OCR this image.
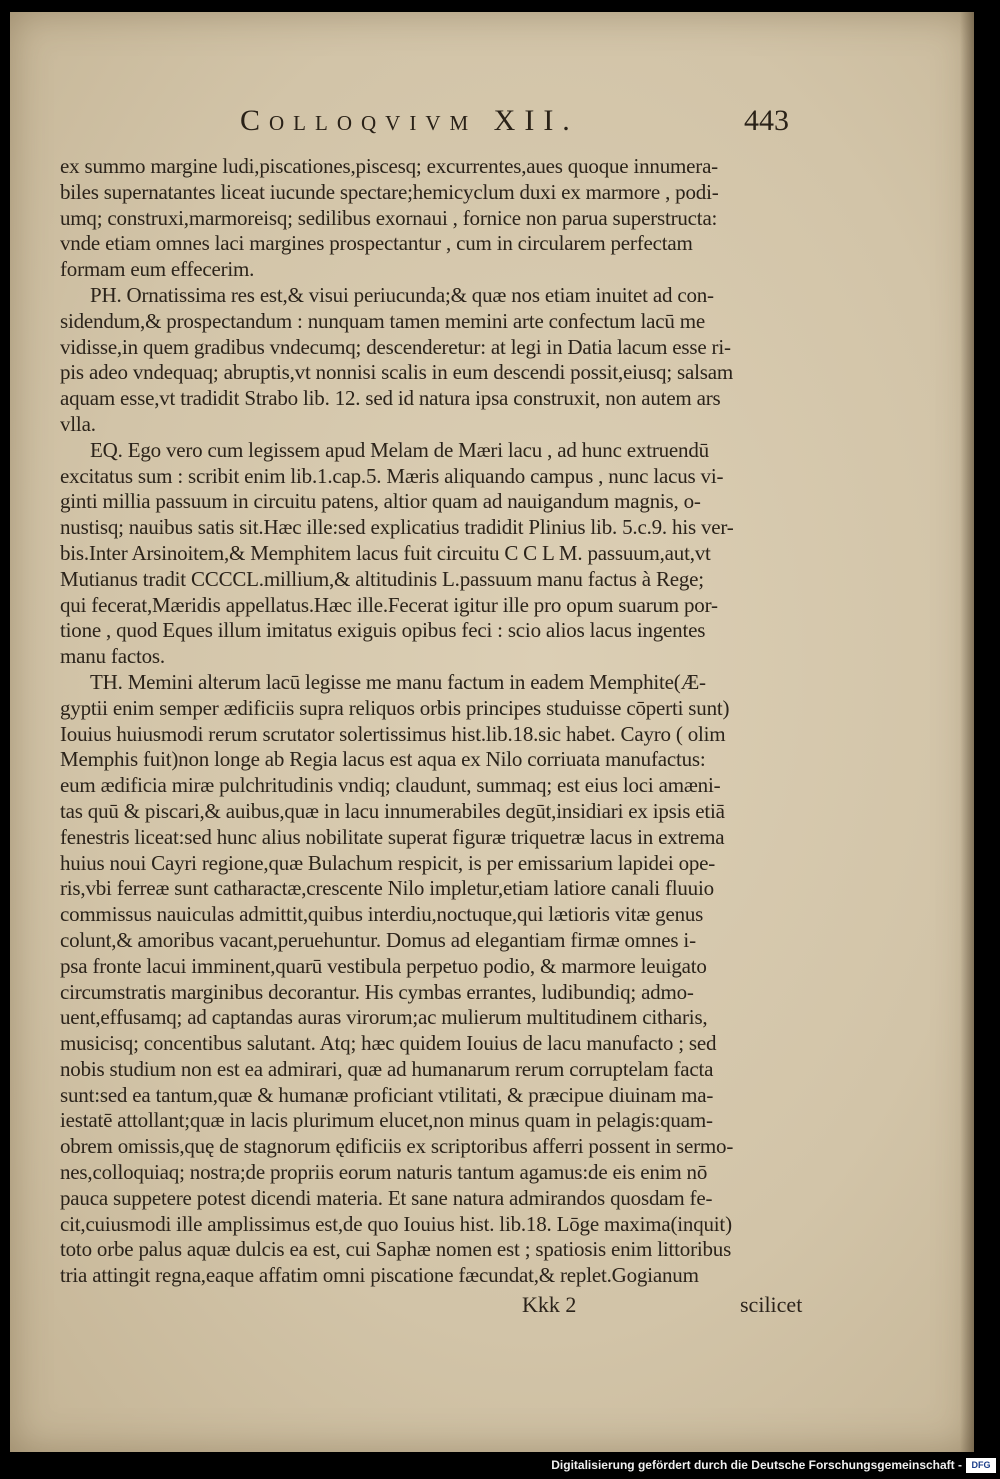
Colloqvivm XII.	443
ex summo margine ludi,piscationes,piscesq; excurrentes,aues quoque innumera-
biles supernatantes liceat iucunde spectare;hemicyclum duxi ex marmore , podi-
umq; construxi,marmoreisq; sedilibus exornaui , fornice non parua superstructa:
vnde etiam omnes laci margines prospectantur , cum in circularem perfectam
formam eum effecerim.
PH. Ornatissima res est,& visui periucunda;& quæ nos etiam inuitet ad con-
sidendum,& prospectandum : nunquam tamen memini arte confectum lacū me
vidisse,in quem gradibus vndecumq; descenderetur: at legi in Datia lacum esse ri-
pis adeo vndequaq; abruptis,vt nonnisi scalis in eum descendi possit,eiusq; salsam
aquam esse,vt tradidit Strabo lib. 12. sed id natura ipsa construxit, non autem ars
vlla.
EQ. Ego vero cum legissem apud Melam de Mæri lacu , ad hunc extruendū
excitatus sum : scribit enim lib.1.cap.5. Mæris aliquando campus , nunc lacus vi-
ginti millia passuum in circuitu patens, altior quam ad nauigandum magnis, o-
nustisq; nauibus satis sit.Hæc ille:sed explicatius tradidit Plinius lib. 5.c.9. his ver-
bis.Inter Arsinoitem,& Memphitem lacus fuit circuitu C C L M. passuum,aut,vt
Mutianus tradit CCCCL.millium,& altitudinis L.passuum manu factus à Rege;
qui fecerat,Mæridis appellatus.Hæc ille.Fecerat igitur ille pro opum suarum por-
tione , quod Eques illum imitatus exiguis opibus feci : scio alios lacus ingentes
manu factos.
TH. Memini alterum lacū legisse me manu factum in eadem Memphite(Æ-
gyptii enim semper ædificiis supra reliquos orbis principes studuisse cōperti sunt)
Iouius huiusmodi rerum scrutator solertissimus hist.lib.18.sic habet. Cayro ( olim
Memphis fuit)non longe ab Regia lacus est aqua ex Nilo corriuata manufactus:
eum ædificia miræ pulchritudinis vndiq; claudunt, summaq; est eius loci amæni-
tas quū & piscari,& auibus,quæ in lacu innumerabiles degūt,insidiari ex ipsis etiā
fenestris liceat:sed hunc alius nobilitate superat figuræ triquetræ lacus in extrema
huius noui Cayri regione,quæ Bulachum respicit, is per emissarium lapidei ope-
ris,vbi ferreæ sunt catharactæ,crescente Nilo impletur,etiam latiore canali fluuio
commissus nauiculas admittit,quibus interdiu,noctuque,qui lætioris vitæ genus
colunt,& amoribus vacant,peruehuntur. Domus ad elegantiam firmæ omnes i-
psa fronte lacui imminent,quarū vestibula perpetuo podio, & marmore leuigato
circumstratis marginibus decorantur. His cymbas errantes, ludibundiq; admo-
uent,effusamq; ad captandas auras virorum;ac mulierum multitudinem citharis,
musicisq; concentibus salutant. Atq; hæc quidem Iouius de lacu manufacto ; sed
nobis studium non est ea admirari, quæ ad humanarum rerum corruptelam facta
sunt:sed ea tantum,quæ & humanæ proficiant vtilitati, & præcipue diuinam ma-
iestatē attollant;quæ in lacis plurimum elucet,non minus quam in pelagis:quam-
obrem omissis,quę de stagnorum ędificiis ex scriptoribus afferri possent in sermo-
nes,colloquiaq; nostra;de propriis eorum naturis tantum agamus:de eis enim nō
pauca suppetere potest dicendi materia. Et sane natura admirandos quosdam fe-
cit,cuiusmodi ille amplissimus est,de quo Iouius hist. lib.18. Lōge maxima(inquit)
toto orbe palus aquæ dulcis ea est, cui Saphæ nomen est ; spatiosis enim littoribus
tria attingit regna,eaque affatim omni piscatione fæcundat,& replet.Gogianum
Kkk 2	scilicet
Digitalisierung gefördert durch die Deutsche Forschungsgemeinschaft -	DFG
